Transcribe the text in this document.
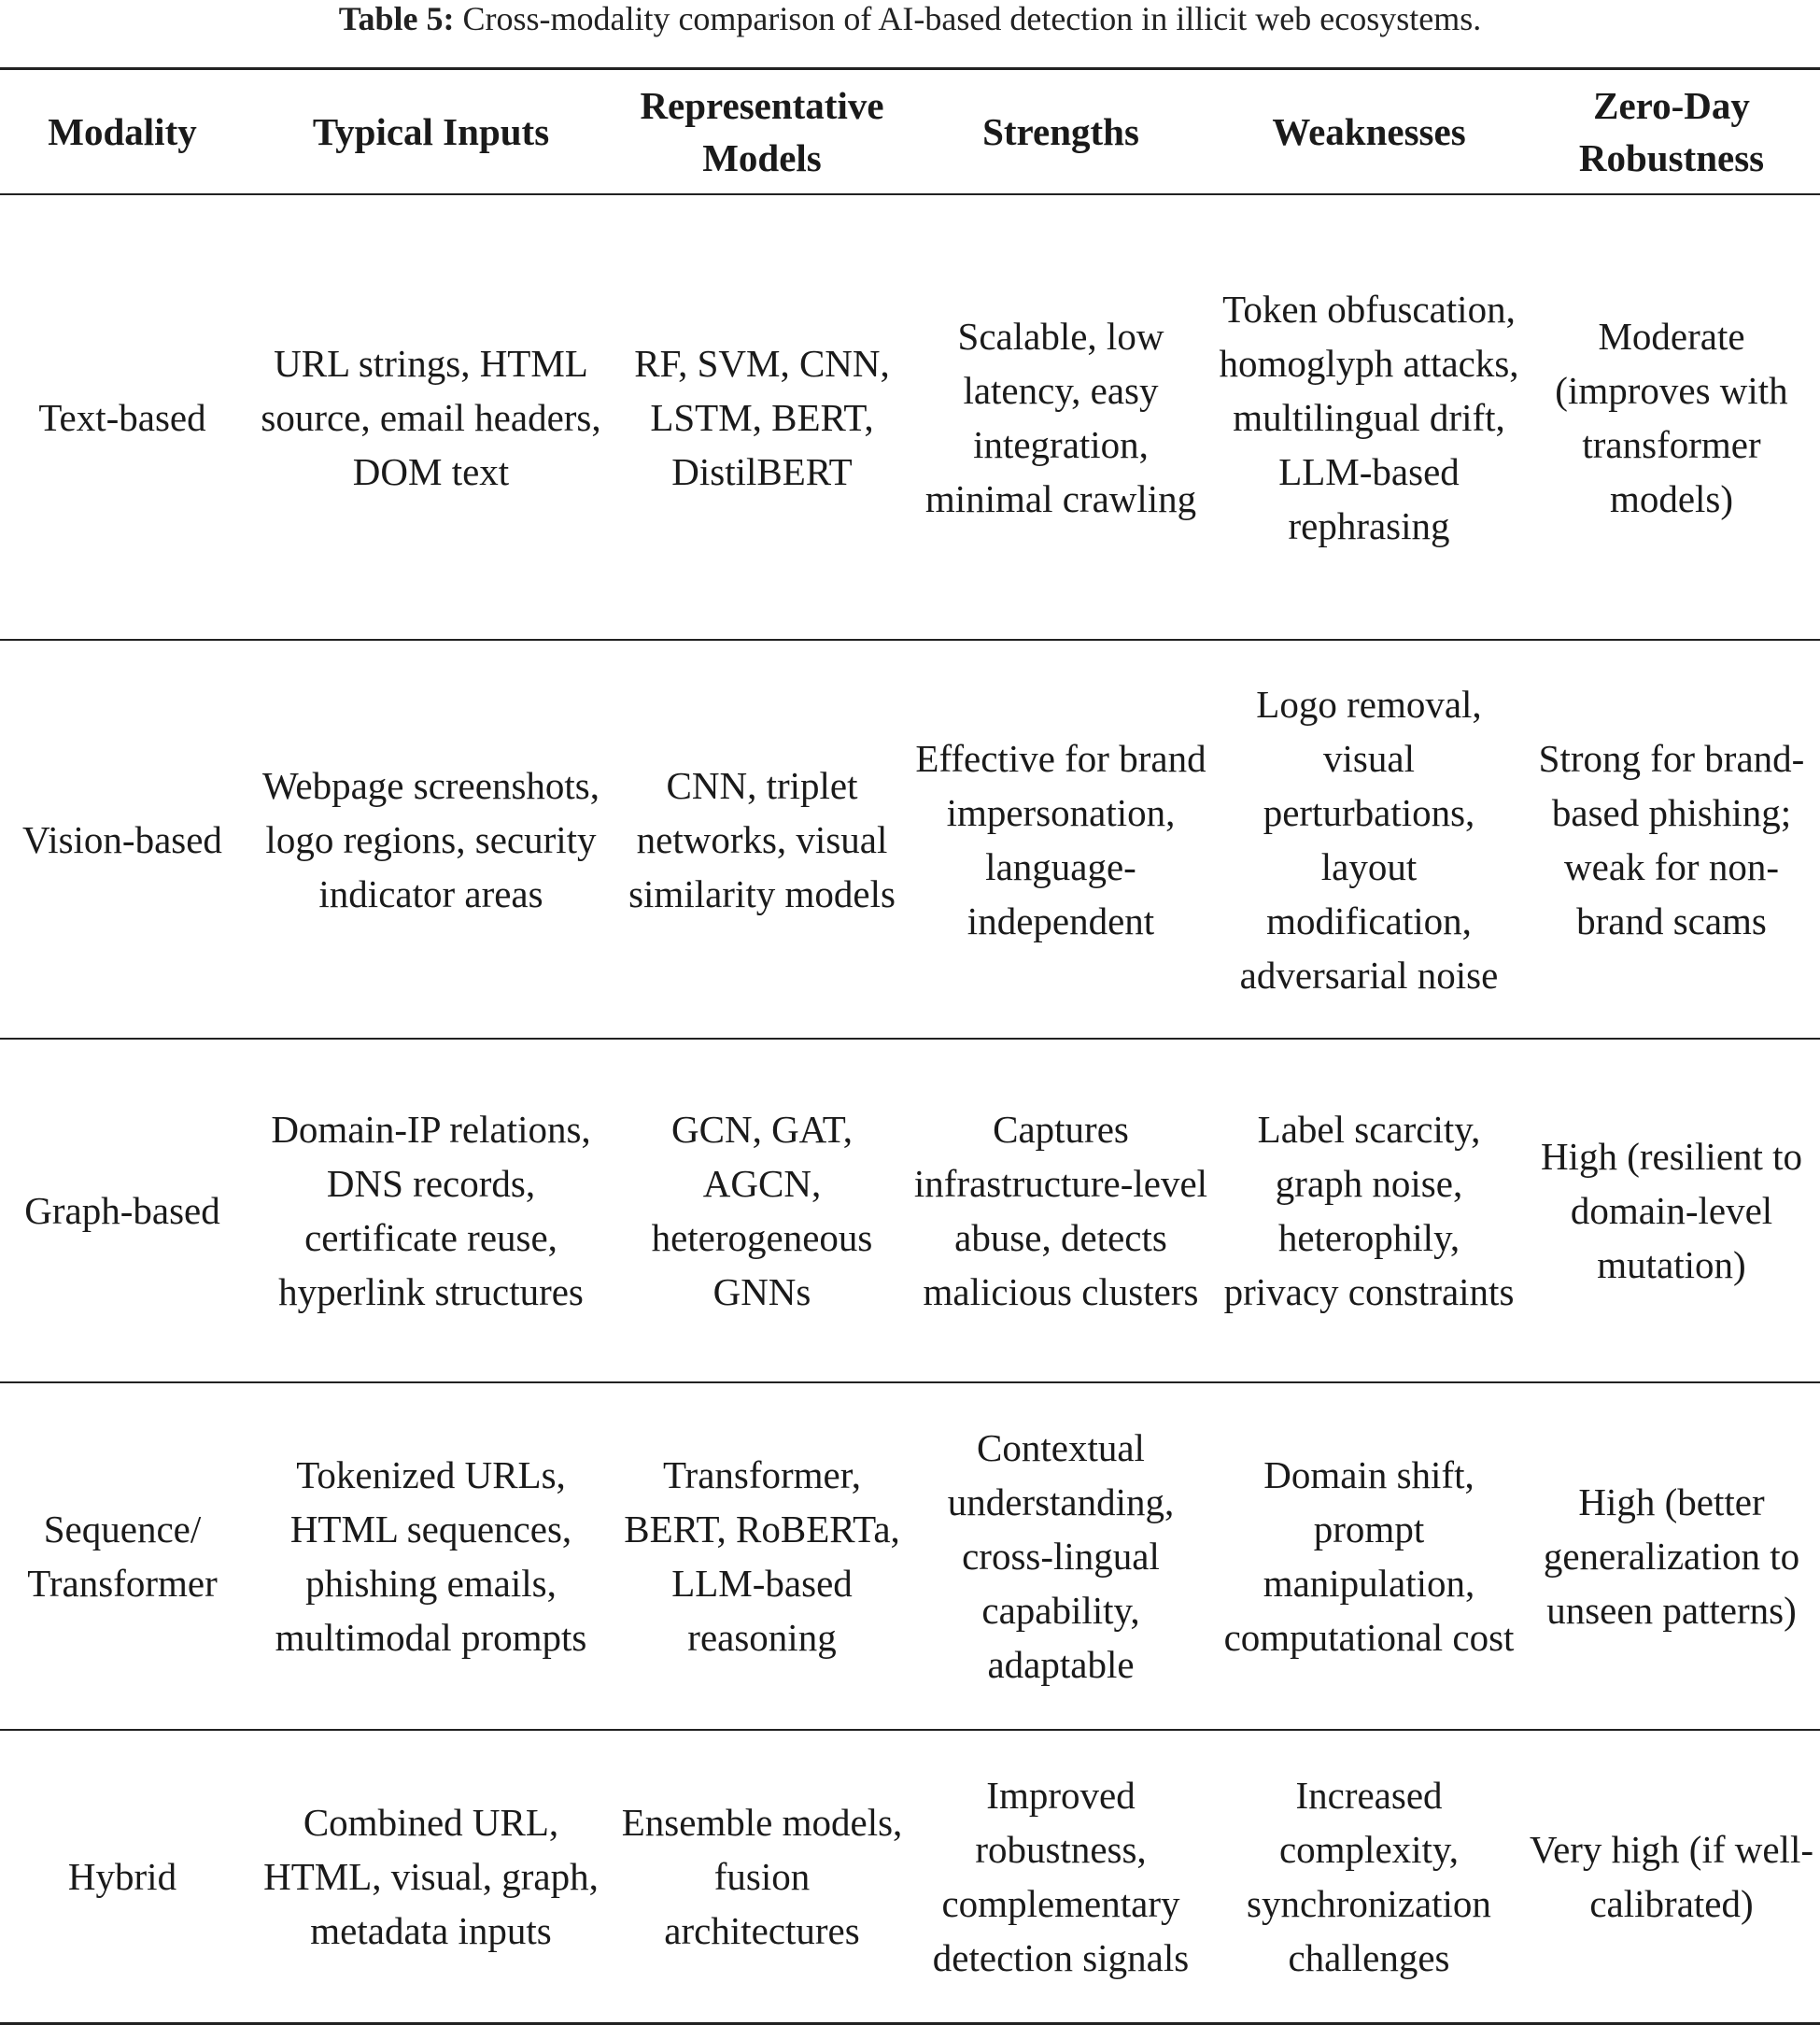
Table 5: Cross-modality comparison of AI-based detection in illicit web ecosystems.
Modality	Typical Inputs	Representative Models	Strengths	Weaknesses	Zero-Day Robustness
Text-based	URL strings, HTML source, email headers, DOM text	RF, SVM, CNN, LSTM, BERT, DistilBERT	Scalable, low latency, easy integration, minimal crawling	Token obfuscation, homoglyph attacks, multilingual drift, LLM-based rephrasing	Moderate (improves with transformer models)
Vision-based	Webpage screenshots, logo regions, security indicator areas	CNN, triplet networks, visual similarity models	Effective for brand impersonation, language-independent	Logo removal, visual perturbations, layout modification, adversarial noise	Strong for brand-based phishing; weak for non-brand scams
Graph-based	Domain-IP relations, DNS records, certificate reuse, hyperlink structures	GCN, GAT, AGCN, heterogeneous GNNs	Captures infrastructure-level abuse, detects malicious clusters	Label scarcity, graph noise, heterophily, privacy constraints	High (resilient to domain-level mutation)
Sequence/ Transformer	Tokenized URLs, HTML sequences, phishing emails, multimodal prompts	Transformer, BERT, RoBERTa, LLM-based reasoning	Contextual understanding, cross-lingual capability, adaptable	Domain shift, prompt manipulation, computational cost	High (better generalization to unseen patterns)
Hybrid	Combined URL, HTML, visual, graph, metadata inputs	Ensemble models, fusion architectures	Improved robustness, complementary detection signals	Increased complexity, synchronization challenges	Very high (if well-calibrated)
